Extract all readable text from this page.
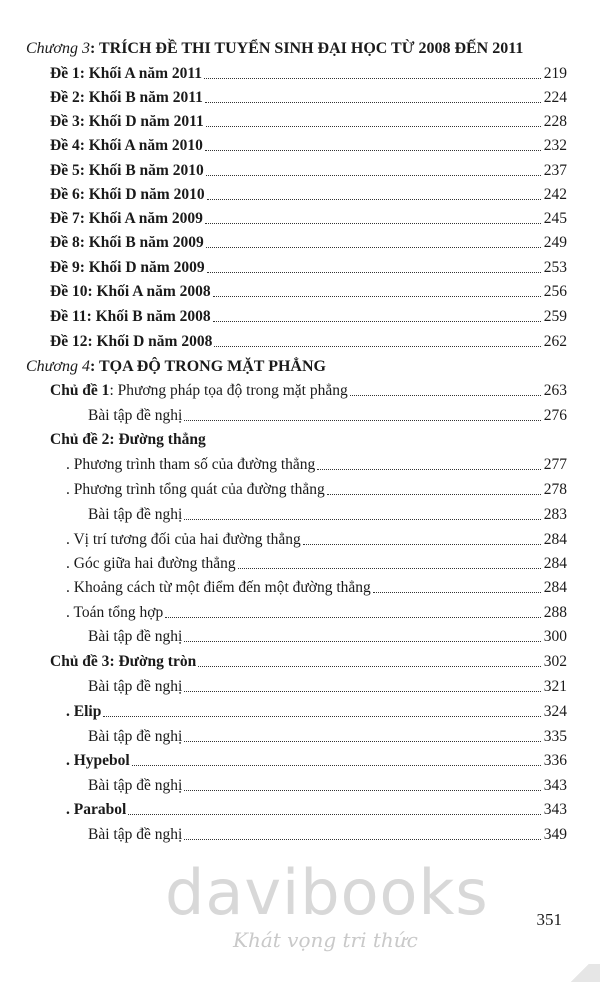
Chương 3: TRÍCH ĐỀ THI TUYỂN SINH ĐẠI HỌC TỪ 2008 ĐẾN 2011
Đề 1: Khối A năm 2011	219
Đề 2: Khối B năm 2011	224
Đề 3: Khối D năm 2011	228
Đề 4: Khối A năm 2010	232
Đề 5: Khối B năm 2010	237
Đề 6: Khối D năm 2010	242
Đề 7: Khối A năm 2009	245
Đề 8: Khối B năm 2009	249
Đề 9: Khối D năm 2009	253
Đề 10: Khối A năm 2008	256
Đề 11: Khối B năm 2008	259
Đề 12: Khối D năm 2008	262
Chương 4: TỌA ĐỘ TRONG MẶT PHẲNG
Chủ đề 1: Phương pháp tọa độ trong mặt phẳng	263
Bài tập đề nghị	276
Chủ đề 2: Đường thẳng
. Phương trình tham số của đường thẳng	277
. Phương trình tổng quát của đường thẳng	278
Bài tập đề nghị	283
. Vị trí tương đối của hai đường thẳng	284
. Góc giữa hai đường thẳng	284
. Khoảng cách từ một điểm đến một đường thẳng	284
. Toán tổng hợp	288
Bài tập đề nghị	300
Chủ đề 3: Đường tròn	302
Bài tập đề nghị	321
. Elip	324
Bài tập đề nghị	335
. Hypebol	336
Bài tập đề nghị	343
. Parabol	343
Bài tập đề nghị	349
davibooks
Khát vọng tri thức
351
